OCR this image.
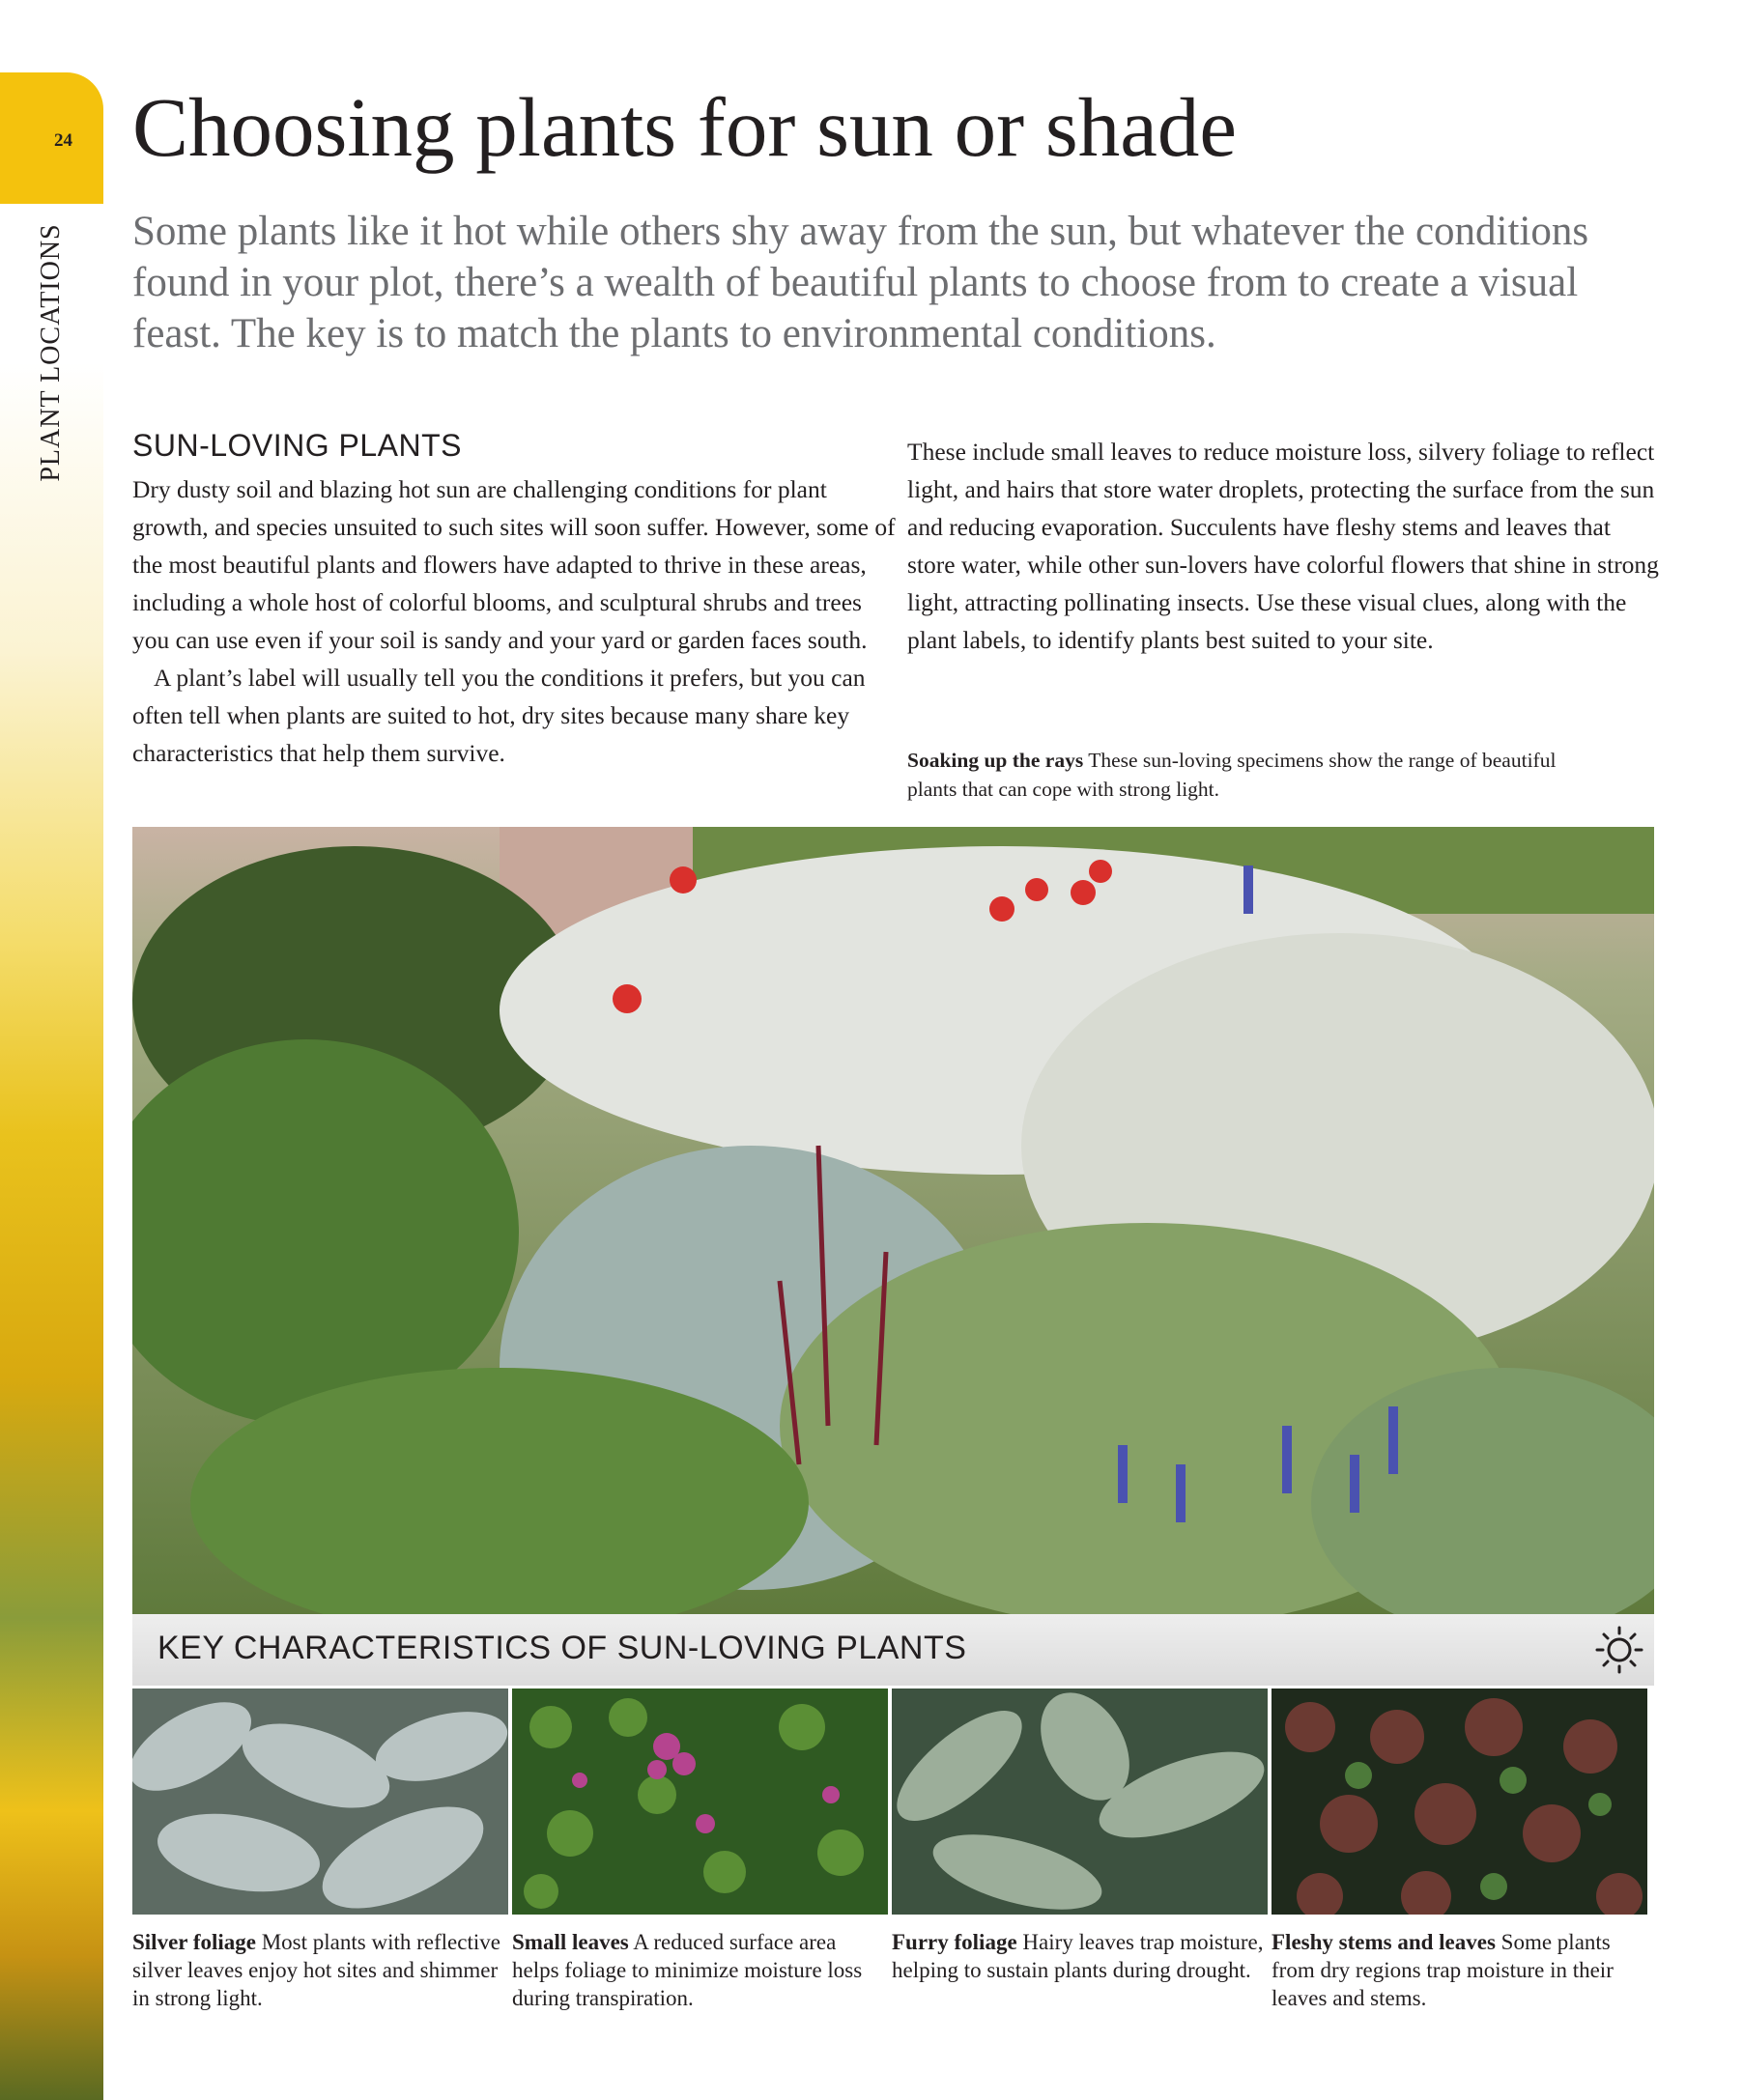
24
PLANT LOCATIONS
Choosing plants for sun or shade

Some plants like it hot while others shy away from the sun, but whatever the conditions found in your plot, there’s a wealth of beautiful plants to choose from to create a visual feast. The key is to match the plants to environmental conditions.

SUN-LOVING PLANTS

Dry dusty soil and blazing hot sun are challenging conditions for plant growth, and species unsuited to such sites will soon suffer. However, some of the most beautiful plants and flowers have adapted to thrive in these areas, including a whole host of colorful blooms, and sculptural shrubs and trees you can use even if your soil is sandy and your yard or garden faces south.

A plant’s label will usually tell you the conditions it prefers, but you can often tell when plants are suited to hot, dry sites because many share key characteristics that help them survive.

These include small leaves to reduce moisture loss, silvery foliage to reflect light, and hairs that store water droplets, protecting the surface from the sun and reducing evaporation. Succulents have fleshy stems and leaves that store water, while other sun-lovers have colorful flowers that shine in strong light, attracting pollinating insects. Use these visual clues, along with the plant labels, to identify plants best suited to your site.

Soaking up the rays These sun-loving specimens show the range of beautiful plants that can cope with strong light.
KEY CHARACTERISTICS OF SUN-LOVING PLANTS
Silver foliage Most plants with reflective silver leaves enjoy hot sites and shimmer in strong light.
Small leaves A reduced surface area helps foliage to minimize moisture loss during transpiration.
Furry foliage Hairy leaves trap moisture, helping to sustain plants during drought.
Fleshy stems and leaves Some plants from dry regions trap moisture in their leaves and stems.
